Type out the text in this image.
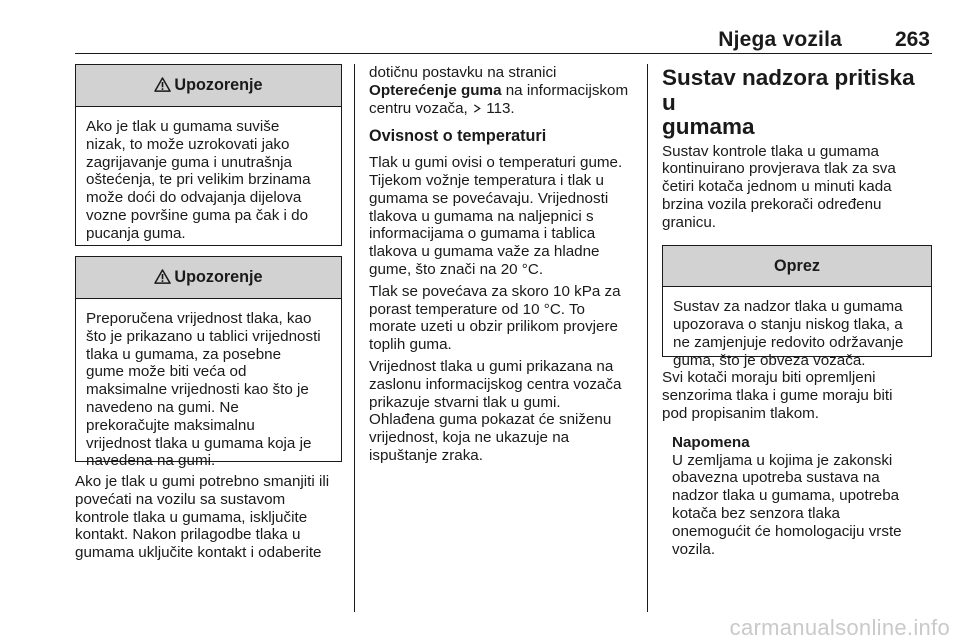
Njega vozila	263
Upozorenje

Ako je tlak u gumama suviše

nizak, to može uzrokovati jako

zagrijavanje guma i unutrašnja

oštećenja, te pri velikim brzinama

može doći do odvajanja dijelova

vozne površine guma pa čak i do

pucanja guma.

Upozorenje

Preporučena vrijednost tlaka, kao

što je prikazano u tablici vrijednosti

tlaka u gumama, za posebne

gume može biti veća od

maksimalne vrijednosti kao što je

navedeno na gumi. Ne

prekoračujte maksimalnu

vrijednost tlaka u gumama koja je

navedena na gumi.

Ako je tlak u gumi potrebno smanjiti ili

povećati na vozilu sa sustavom

kontrole tlaka u gumama, isključite

kontakt. Nakon prilagodbe tlaka u

gumama uključite kontakt i odaberite

dotičnu postavku na stranici

Opterećenje guma na informacijskom

centru vozača,  113.

Ovisnost o temperaturi

Tlak u gumi ovisi o temperaturi gume.

Tijekom vožnje temperatura i tlak u

gumama se povećavaju. Vrijednosti

tlakova u gumama na naljepnici s

informacijama o gumama i tablica

tlakova u gumama važe za hladne

gume, što znači na 20 °C.

Tlak se povećava za skoro 10 kPa za

porast temperature od 10 °C. To

morate uzeti u obzir prilikom provjere

toplih guma.

Vrijednost tlaka u gumi prikazana na

zaslonu informacijskog centra vozača

prikazuje stvarni tlak u gumi.

Ohlađena guma pokazat će sniženu

vrijednost, koja ne ukazuje na

ispuštanje zraka.

Sustav nadzora pritiska u

gumama

Sustav kontrole tlaka u gumama

kontinuirano provjerava tlak za sva

četiri kotača jednom u minuti kada

brzina vozila prekorači određenu

granicu.

Oprez

Sustav za nadzor tlaka u gumama

upozorava o stanju niskog tlaka, a

ne zamjenjuje redovito održavanje

guma, što je obveza vozača.

Svi kotači moraju biti opremljeni

senzorima tlaka i gume moraju biti

pod propisanim tlakom.

Napomena

U zemljama u kojima je zakonski

obavezna upotreba sustava na

nadzor tlaka u gumama, upotreba

kotača bez senzora tlaka

onemogućit će homologaciju vrste

vozila.

carmanualsonline.info
